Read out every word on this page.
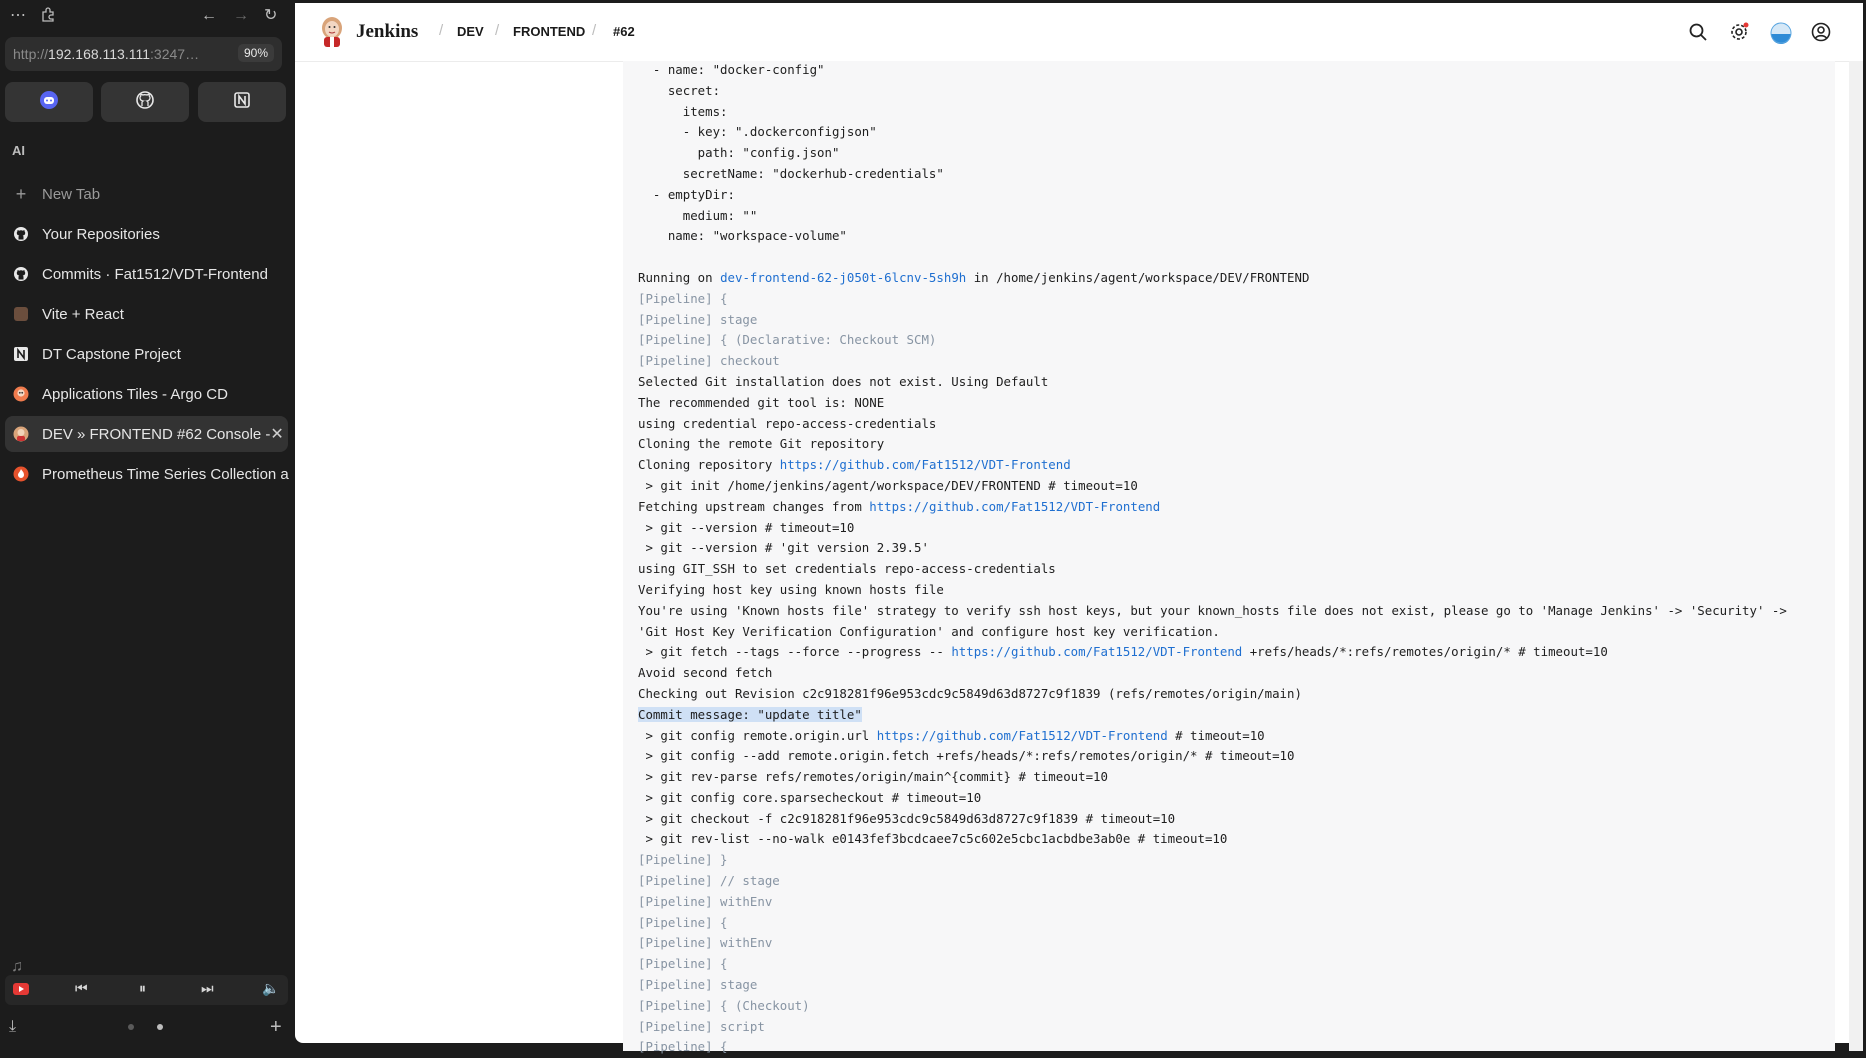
⋯	← → ↻
http://192.168.113.111:3247…	90%
AI
+ New Tab
Your Repositories
Commits · Fat1512/VDT-Frontend
Vite + React
DT Capstone Project
Applications Tiles - Argo CD
DEV » FRONTEND #62 Console - ✕
Prometheus Time Series Collection a
♫
⏮	⏸	⏭	🔈
⤓	+
Jenkins / DEV / FRONTEND / #62
- name: "docker-config"
secret:
items:
- key: ".dockerconfigjson"
path: "config.json"
secretName: "dockerhub-credentials"
- emptyDir:
medium: ""
name: "workspace-volume"

Running on dev-frontend-62-j050t-6lcnv-5sh9h in /home/jenkins/agent/workspace/DEV/FRONTEND
[Pipeline] {
[Pipeline] stage
[Pipeline] { (Declarative: Checkout SCM)
[Pipeline] checkout
Selected Git installation does not exist. Using Default
The recommended git tool is: NONE
using credential repo-access-credentials
Cloning the remote Git repository
Cloning repository https://github.com/Fat1512/VDT-Frontend
> git init /home/jenkins/agent/workspace/DEV/FRONTEND # timeout=10
Fetching upstream changes from https://github.com/Fat1512/VDT-Frontend
> git --version # timeout=10
> git --version # 'git version 2.39.5'
using GIT_SSH to set credentials repo-access-credentials
Verifying host key using known hosts file
You're using 'Known hosts file' strategy to verify ssh host keys, but your known_hosts file does not exist, please go to 'Manage Jenkins' -> 'Security' ->
'Git Host Key Verification Configuration' and configure host key verification.
> git fetch --tags --force --progress -- https://github.com/Fat1512/VDT-Frontend +refs/heads/*:refs/remotes/origin/* # timeout=10
Avoid second fetch
Checking out Revision c2c918281f96e953cdc9c5849d63d8727c9f1839 (refs/remotes/origin/main)
Commit message: "update title"
> git config remote.origin.url https://github.com/Fat1512/VDT-Frontend # timeout=10
> git config --add remote.origin.fetch +refs/heads/*:refs/remotes/origin/* # timeout=10
> git rev-parse refs/remotes/origin/main^{commit} # timeout=10
> git config core.sparsecheckout # timeout=10
> git checkout -f c2c918281f96e953cdc9c5849d63d8727c9f1839 # timeout=10
> git rev-list --no-walk e0143fef3bcdcaee7c5c602e5cbc1acbdbe3ab0e # timeout=10
[Pipeline] }
[Pipeline] // stage
[Pipeline] withEnv
[Pipeline] {
[Pipeline] withEnv
[Pipeline] {
[Pipeline] stage
[Pipeline] { (Checkout)
[Pipeline] script
[Pipeline] {
